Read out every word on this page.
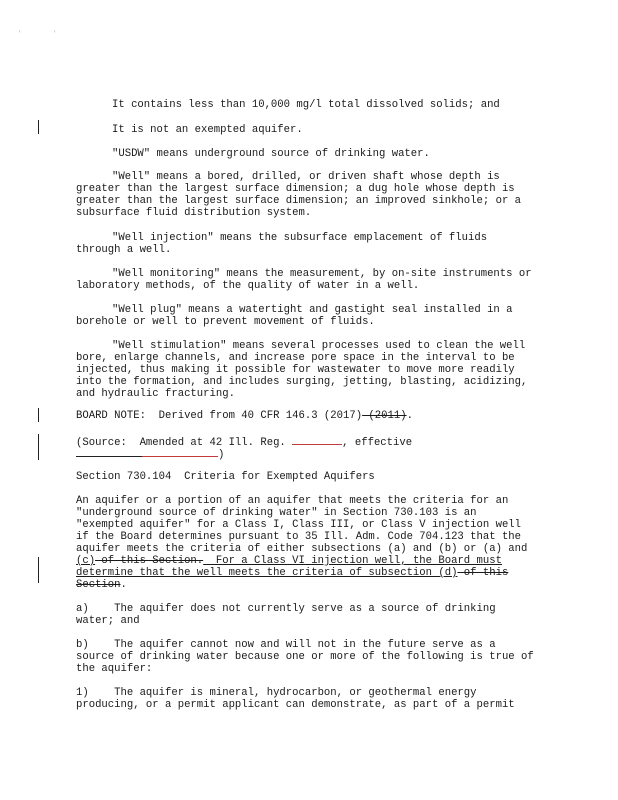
'	'
It contains less than 10,000 mg/l total dissolved solids; and
It is not an exempted aquifer.
"USDW" means underground source of drinking water.
"Well" means a bored, drilled, or driven shaft whose depth is
greater than the largest surface dimension; a dug hole whose depth is
greater than the largest surface dimension; an improved sinkhole; or a
subsurface fluid distribution system.
"Well injection" means the subsurface emplacement of fluids
through a well.
"Well monitoring" means the measurement, by on-site instruments or
laboratory methods, of the quality of water in a well.
"Well plug" means a watertight and gastight seal installed in a
borehole or well to prevent movement of fluids.
"Well stimulation" means several processes used to clean the well
bore, enlarge channels, and increase pore space in the interval to be
injected, thus making it possible for wastewater to move more readily
into the formation, and includes surging, jetting, blasting, acidizing,
and hydraulic fracturing.
BOARD NOTE:  Derived from 40 CFR 146.3 (2017) (2011).
(Source:  Amended at 42 Ill. Reg.	, effective
)
Section 730.104  Criteria for Exempted Aquifers
An aquifer or a portion of an aquifer that meets the criteria for an
"underground source of drinking water" in Section 730.103 is an
"exempted aquifer" for a Class I, Class III, or Class V injection well
if the Board determines pursuant to 35 Ill. Adm. Code 704.123 that the
aquifer meets the criteria of either subsections (a) and (b) or (a) and
(c) of this Section.  For a Class VI injection well, the Board must
determine that the well meets the criteria of subsection (d) of this
Section.
a)    The aquifer does not currently serve as a source of drinking
water; and
b)    The aquifer cannot now and will not in the future serve as a
source of drinking water because one or more of the following is true of
the aquifer:
1)    The aquifer is mineral, hydrocarbon, or geothermal energy
producing, or a permit applicant can demonstrate, as part of a permit
